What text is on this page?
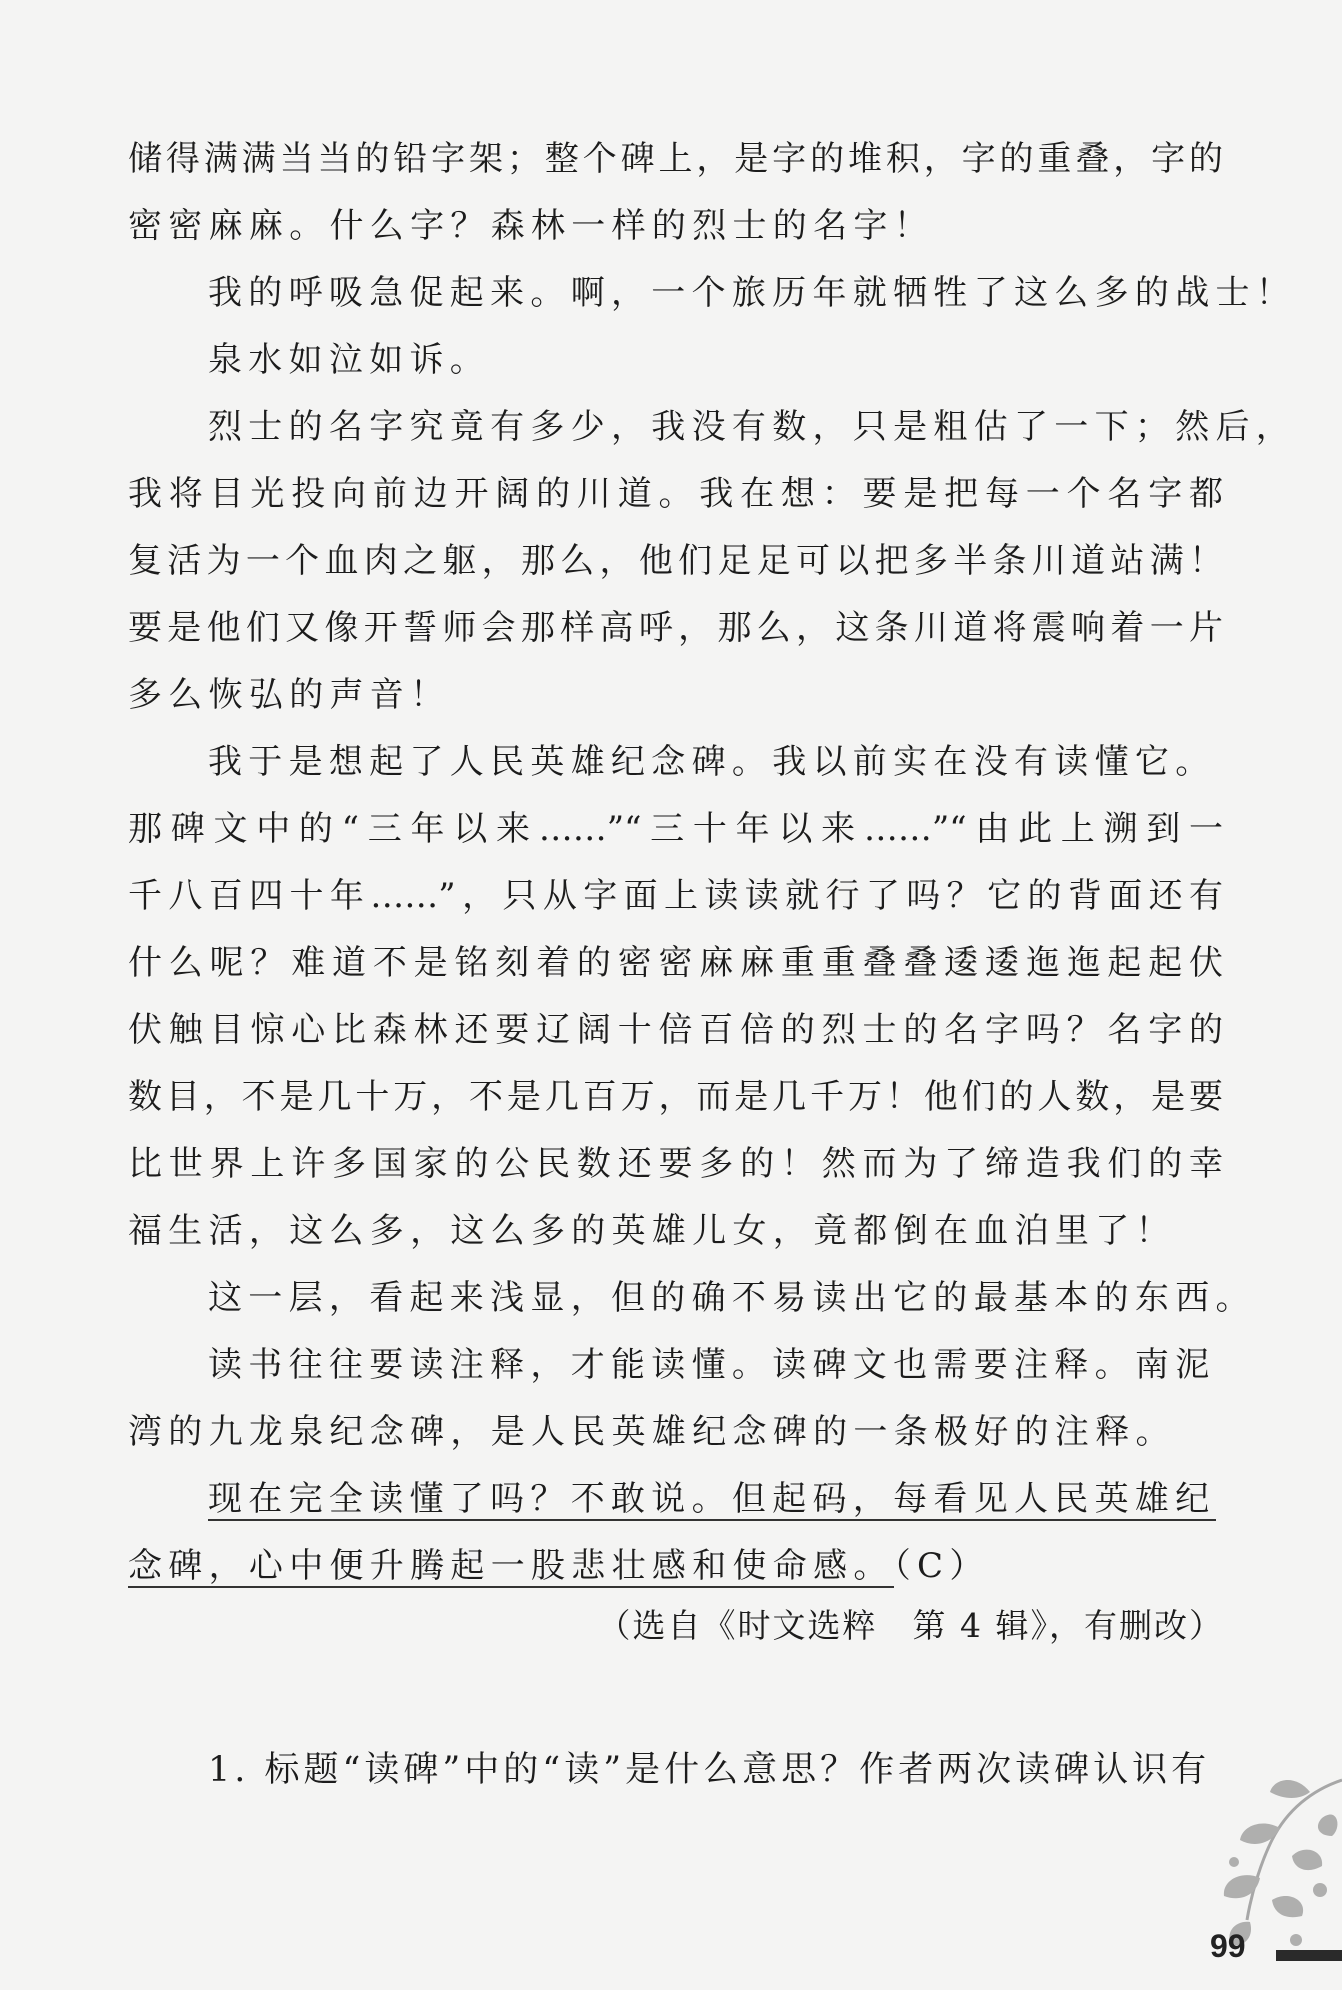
储得满满当当的铅字架；整个碑上，是字的堆积，字的重叠，字的
密密麻麻。什么字？森林一样的烈士的名字！
我的呼吸急促起来。啊，一个旅历年就牺牲了这么多的战士！
泉水如泣如诉。
烈士的名字究竟有多少，我没有数，只是粗估了一下；然后，
我将目光投向前边开阔的川道。我在想：要是把每一个名字都
复活为一个血肉之躯，那么，他们足足可以把多半条川道站满！
要是他们又像开誓师会那样高呼，那么，这条川道将震响着一片
多么恢弘的声音！
我于是想起了人民英雄纪念碑。我以前实在没有读懂它。
那碑文中的“三年以来……”“三十年以来……”“由此上溯到一
千八百四十年……”，只从字面上读读就行了吗？它的背面还有
什么呢？难道不是铭刻着的密密麻麻重重叠叠逶逶迤迤起起伏
伏触目惊心比森林还要辽阔十倍百倍的烈士的名字吗？名字的
数目，不是几十万，不是几百万，而是几千万！他们的人数，是要
比世界上许多国家的公民数还要多的！然而为了缔造我们的幸
福生活，这么多，这么多的英雄儿女，竟都倒在血泊里了！
这一层，看起来浅显，但的确不易读出它的最基本的东西。
读书往往要读注释，才能读懂。读碑文也需要注释。南泥
湾的九龙泉纪念碑，是人民英雄纪念碑的一条极好的注释。
现在完全读懂了吗？不敢说。但起码，每看见人民英雄纪
念碑，心中便升腾起一股悲壮感和使命感。（C）
（选自《时文选粹　第 4 辑》，有删改）
1. 标题“读碑”中的“读”是什么意思？作者两次读碑认识有
99
